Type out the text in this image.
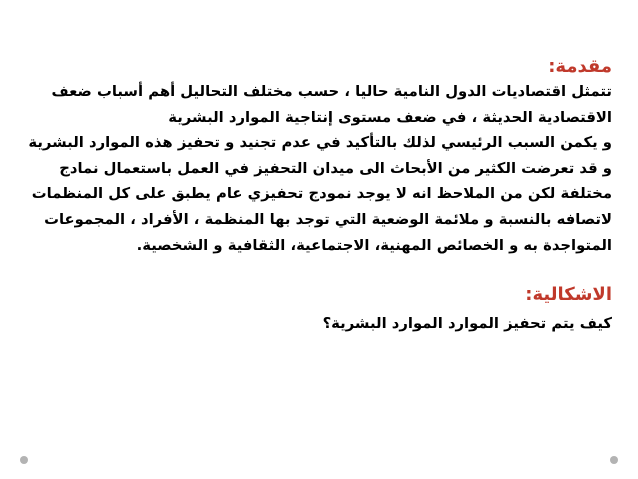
مقدمة:
تتمثل اقتصاديات الدول النامية حاليا ، حسب مختلف التحاليل أهم أسباب ضعف
الاقتصادية الحديثة ، في ضعف مستوى إنتاجية الموارد البشرية
و يكمن السبب الرئيسي لذلك بالتأكيد في عدم تجنيد و تحفيز هذه الموارد البشرية
و قد تعرضت الكثير من الأبحاث الى ميدان التحفيز في العمل باستعمال نمادج
مختلفة لكن من الملاحظ انه لا يوجد نمودج تحفيزي عام يطبق على كل المنظمات
لاتصافه بالنسبة و ملائمة الوضعية التي توجد بها المنظمة ، الأفراد ، المجموعات
المتواجدة به و الخصائص المهنية، الاجتماعية، الثقافية و الشخصية.
الاشكالية:
كيف يتم تحفيز الموارد الموارد البشرية؟
